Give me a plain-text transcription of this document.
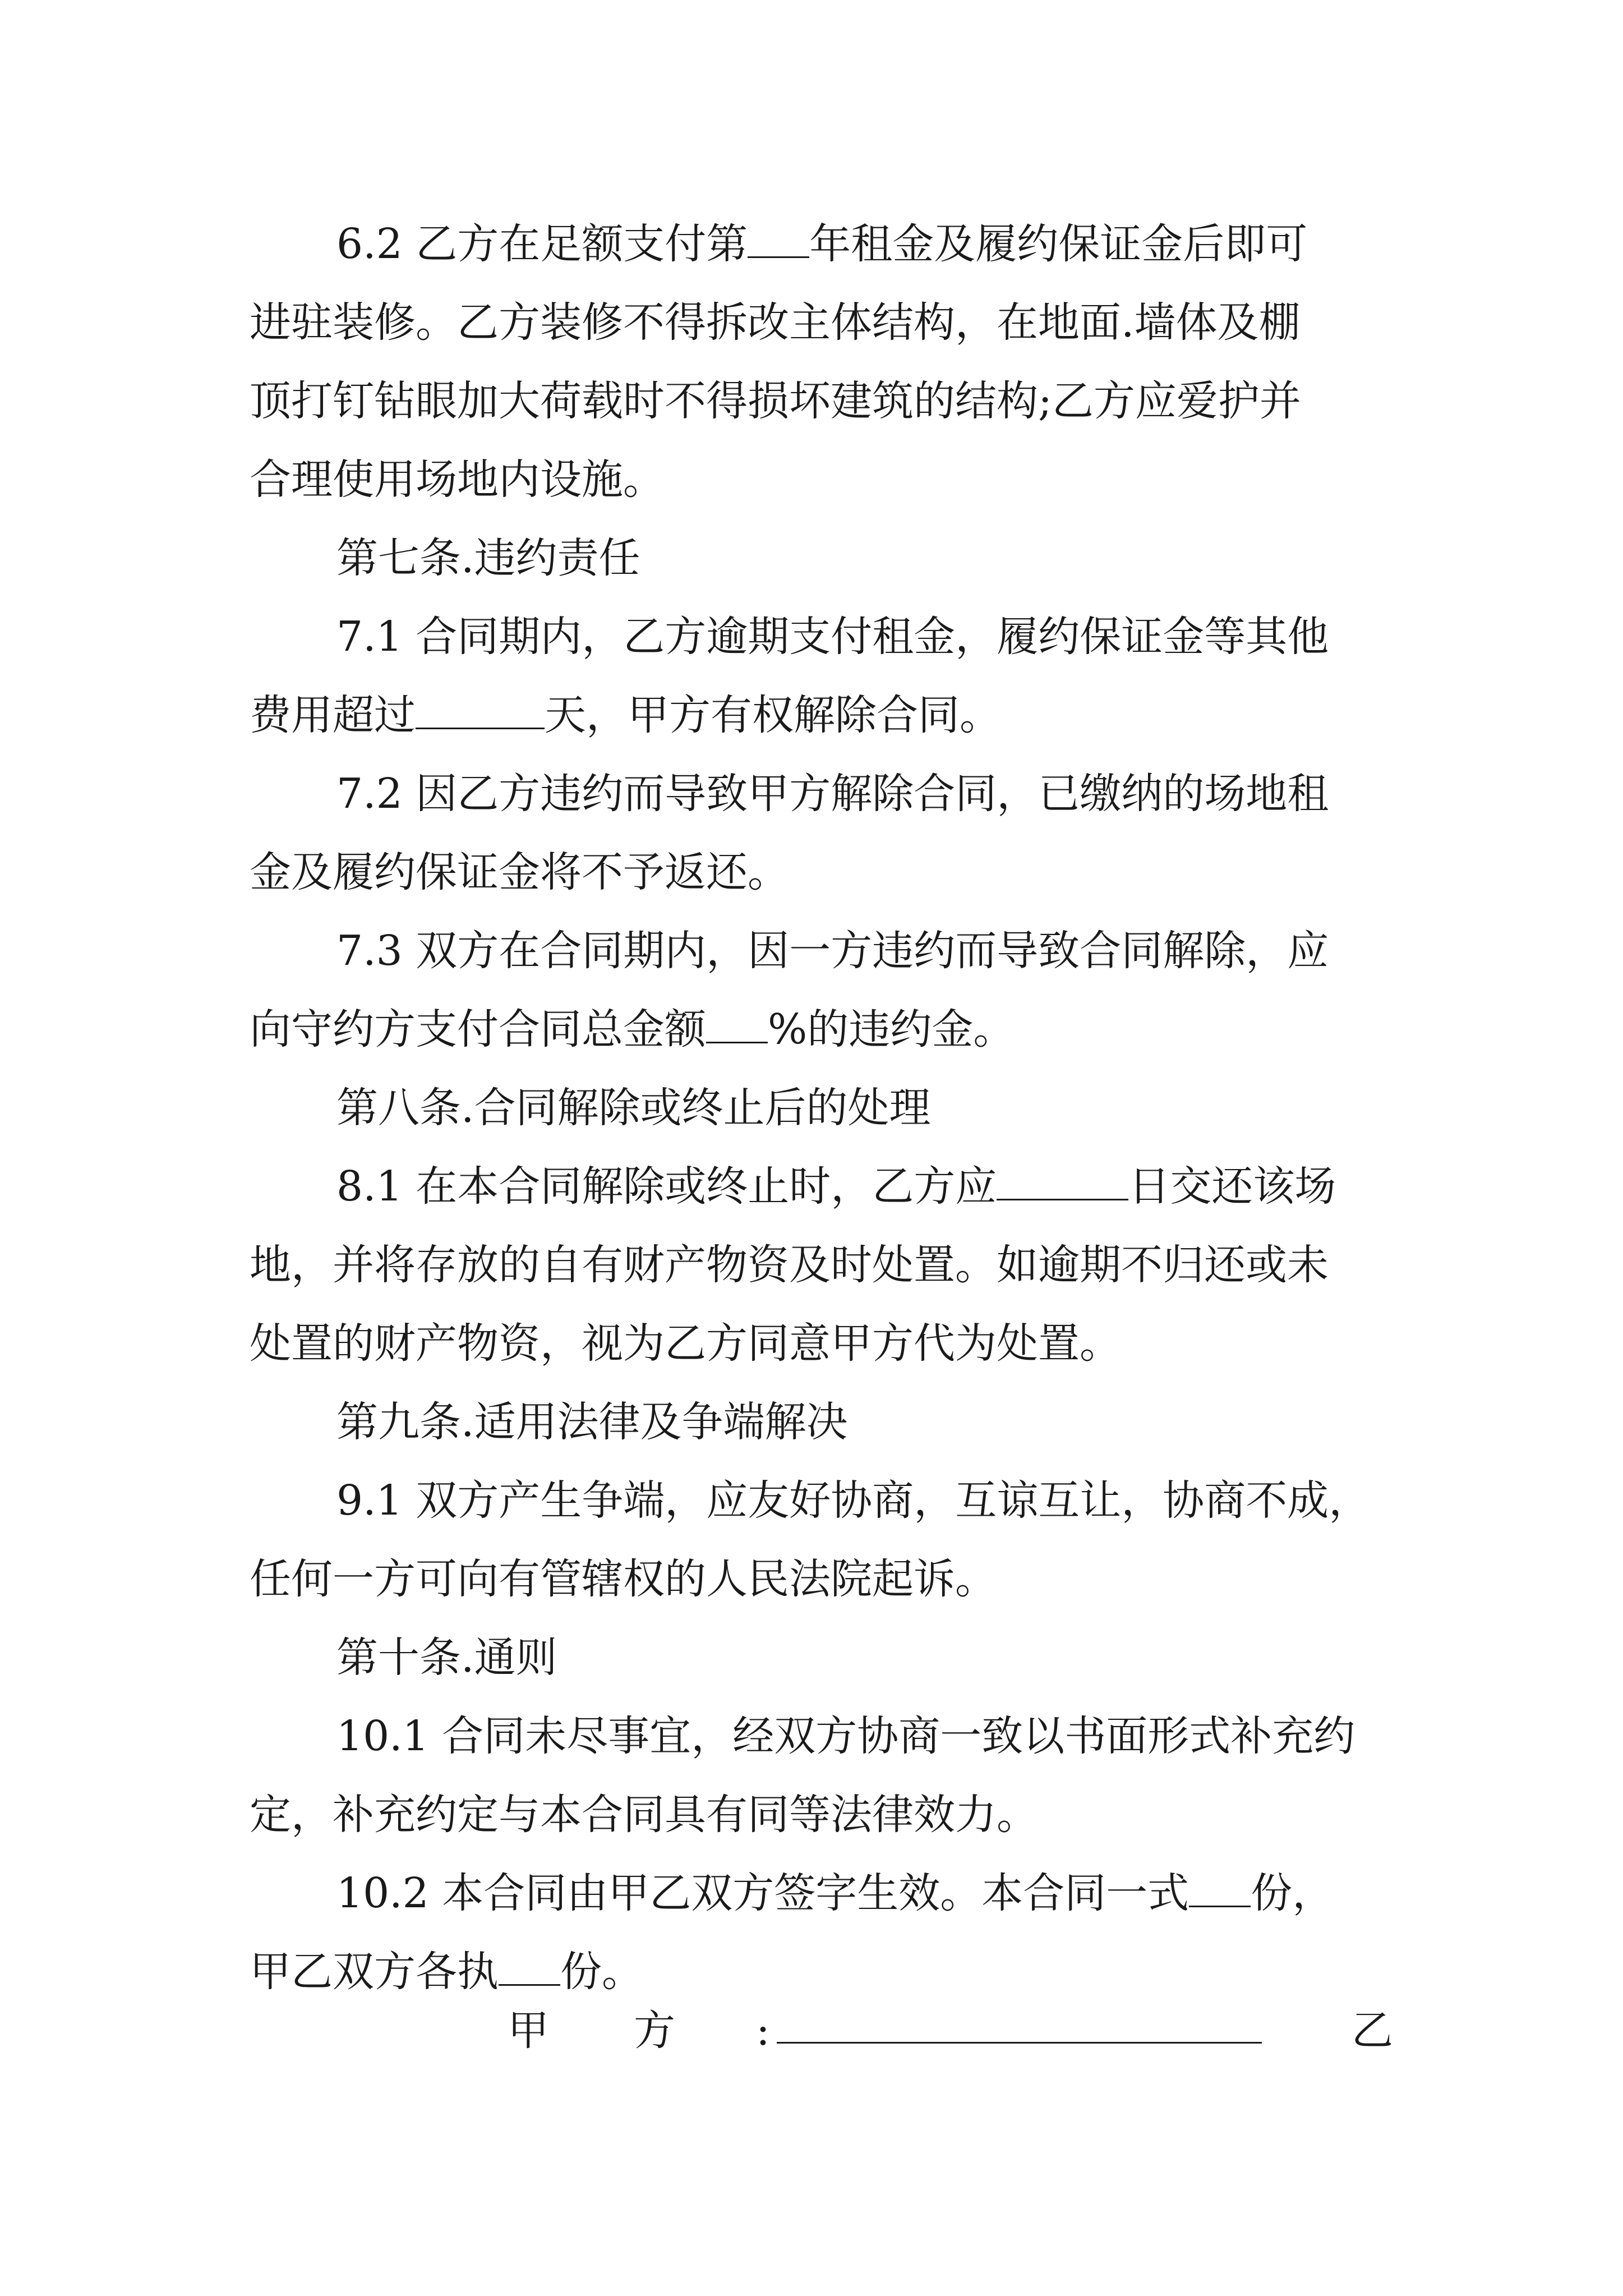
6.2 乙方在足额支付第 年租金及履约保证金后即可
进驻装修。乙方装修不得拆改主体结构，在地面.墙体及棚
顶打钉钻眼加大荷载时不得损坏建筑的结构;乙方应爱护并
合理使用场地内设施。
第七条.违约责任
7.1 合同期内，乙方逾期支付租金，履约保证金等其他
费用超过	天，甲方有权解除合同。
7.2 因乙方违约而导致甲方解除合同，已缴纳的场地租
金及履约保证金将不予返还。
7.3 双方在合同期内，因一方违约而导致合同解除，应
向守约方支付合同总金额 %的违约金。
第八条.合同解除或终止后的处理
8.1 在本合同解除或终止时，乙方应	日交还该场
地，并将存放的自有财产物资及时处置。如逾期不归还或未
处置的财产物资，视为乙方同意甲方代为处置。
第九条.适用法律及争端解决
9.1 双方产生争端，应友好协商，互谅互让，协商不成，
任何一方可向有管辖权的人民法院起诉。
第十条.通则
10.1 合同未尽事宜，经双方协商一致以书面形式补充约
定，补充约定与本合同具有同等法律效力。
10.2 本合同由甲乙双方签字生效。本合同一式 份，
甲乙双方各执 份。
甲 方 :	乙
